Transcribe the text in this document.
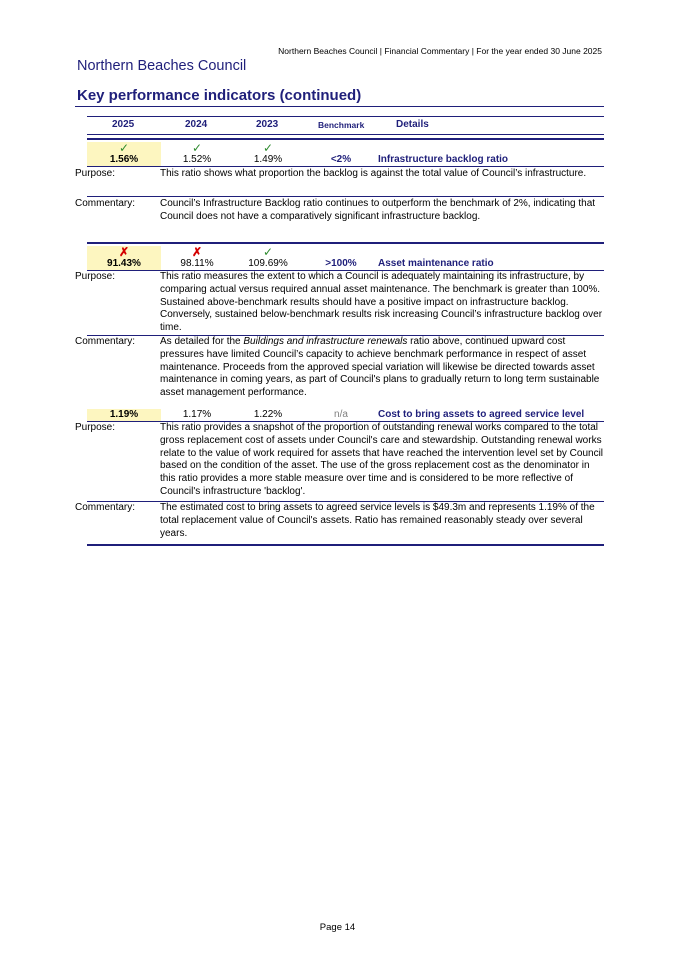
Northern Beaches Council | Financial Commentary | For the year ended 30 June 2025
Northern Beaches Council
Key performance indicators (continued)
2025	2024	2023	Benchmark	Details
✓	✓	✓
1.56%	1.52%	1.49%	<2%	Infrastructure backlog ratio
Purpose:	This ratio shows what proportion the backlog is against the total value of Council’s infrastructure.
Commentary: Council’s Infrastructure Backlog ratio continues to outperform the benchmark of 2%, indicating that Council does not have a comparatively significant infrastructure backlog.
✗	✗	✓
91.43%	98.11%	109.69%	>100%	Asset maintenance ratio
Purpose:	This ratio measures the extent to which a Council is adequately maintaining its infrastructure, by comparing actual versus required annual asset maintenance. The benchmark is greater than 100%. Sustained above-benchmark results should have a positive impact on infrastructure backlog. Conversely, sustained below-benchmark results risk increasing Council’s infrastructure backlog over time.
Commentary: As detailed for the Buildings and infrastructure renewals ratio above, continued upward cost pressures have limited Council’s capacity to achieve benchmark performance in respect of asset maintenance. Proceeds from the approved special variation will likewise be directed towards asset maintenance in coming years, as part of Council's plans to gradually return to long term sustainable asset management performance.
1.19%	1.17%	1.22%	n/a	Cost to bring assets to agreed service level
Purpose:	This ratio provides a snapshot of the proportion of outstanding renewal works compared to the total gross replacement cost of assets under Council's care and stewardship. Outstanding renewal works relate to the value of work required for assets that have reached the intervention level set by Council based on the condition of the asset. The use of the gross replacement cost as the denominator in this ratio provides a more stable measure over time and is considered to be more reflective of Council's infrastructure 'backlog'.
Commentary: The estimated cost to bring assets to agreed service levels is $49.3m and represents 1.19% of the total replacement value of Council's assets. Ratio has remained reasonably steady over several years.
Page 14
